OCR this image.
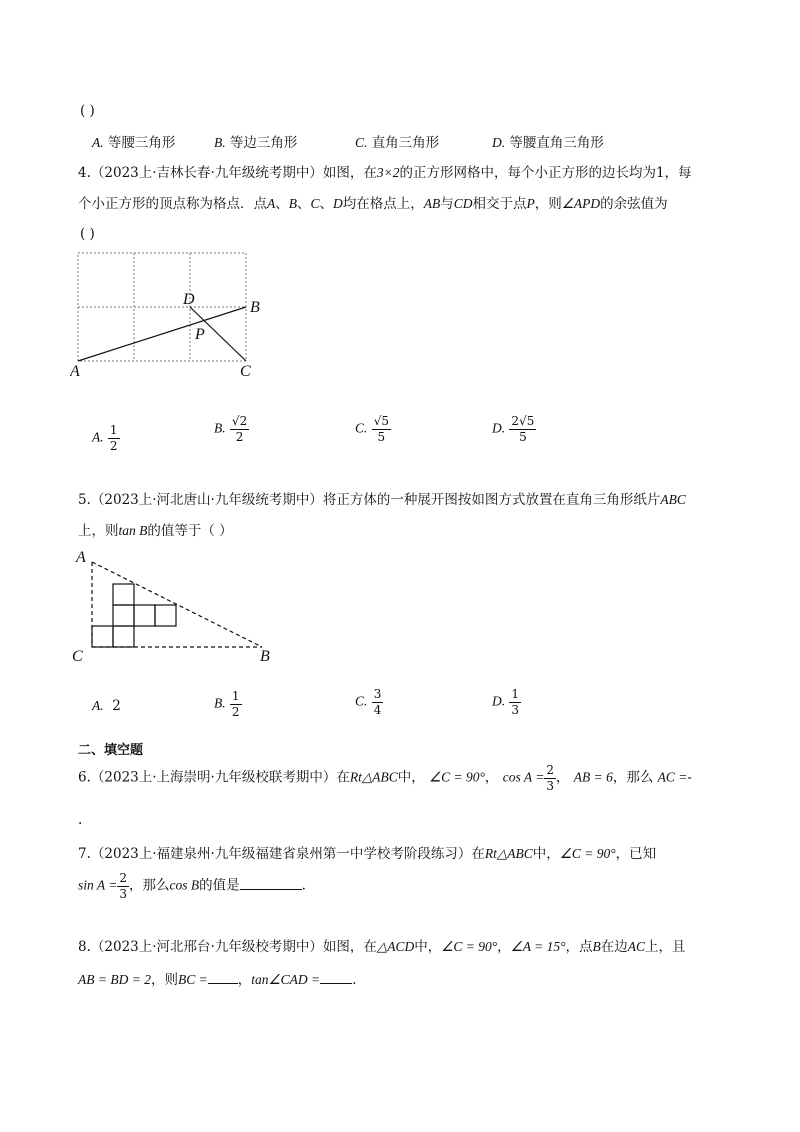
( )
A. 等腰三角形	B. 等边三角形	C. 直角三角形	D. 等腰直角三角形
4.（2023上·吉林长春·九年级统考期中）如图，在3×2的正方形网格中，每个小正方形的边长均为1，每
个小正方形的顶点称为格点．点A、B、C、D均在格点上，AB与CD相交于点P，则∠APD的余弦值为
( )
A
B
C
D
P
A. $\frac{1}{2}$	B. $\frac{√2}{2}$	C. $\frac{√5}{5}$	D. $\frac{2√5}{5}$
5.（2023上·河北唐山·九年级统考期中）将正方体的一种展开图按如图方式放置在直角三角形纸片ABC
上，则tan B的值等于（ ）
A
C	B
A. 2	B. $\frac{1}{2}$	C. $\frac{3}{4}$	D. $\frac{1}{3}$
二、填空题
6.（2023上·上海崇明·九年级校联考期中）在Rt△ABC中， ∠C = 90°， $\cos A = \frac{2}{3}$ ， AB = 6，那么 AC =-
.
7.（2023上·福建泉州·九年级福建省泉州第一中学校考阶段练习）在Rt△ABC中，∠C = 90°，已知
$\sin A = \frac{2}{3}$ ，那么cos B的值是	.
8.（2023上·河北邢台·九年级校考期中）如图，在△ACD中，∠C = 90°，∠A = 15°，点B在边AC上，且
AB = BD = 2，则BC = ，tan∠CAD = .
